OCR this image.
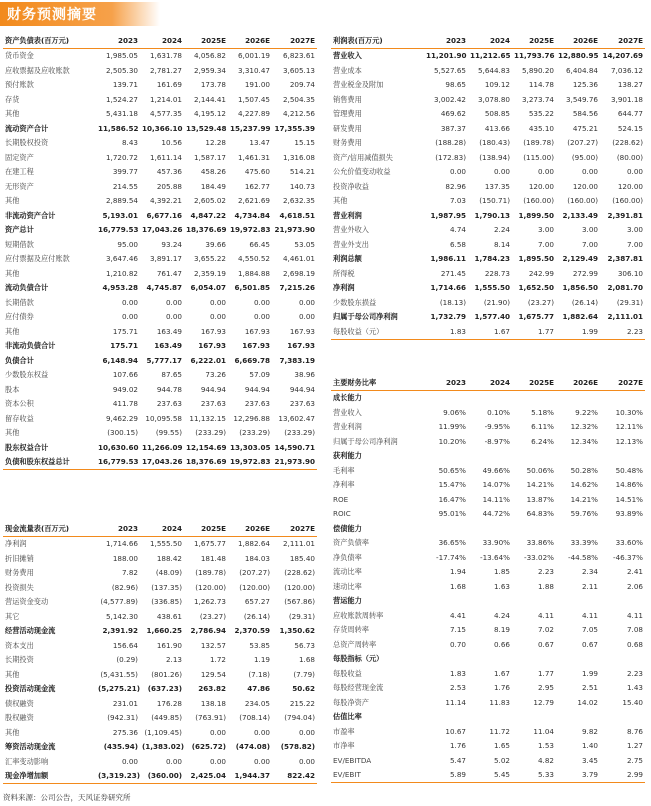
财务预测摘要
资产负债表(百万元)	2023	2024	2025E	2026E	2027E
货币资金	1,985.05	1,631.78	4,056.82	6,001.19	6,823.61
应收票据及应收账款	2,505.30	2,781.27	2,959.34	3,310.47	3,605.13
预付账款	139.71	161.69	173.78	191.00	209.74
存货	1,524.27	1,214.01	2,144.41	1,507.45	2,504.35
其他	5,431.18	4,577.35	4,195.12	4,227.89	4,212.56
流动资产合计	11,586.52	10,366.10	13,529.48	15,237.99	17,355.39
长期股权投资	8.43	10.56	12.28	13.47	15.15
固定资产	1,720.72	1,611.14	1,587.17	1,461.31	1,316.08
在建工程	399.77	457.36	458.26	475.60	514.21
无形资产	214.55	205.88	184.49	162.77	140.73
其他	2,889.54	4,392.21	2,605.02	2,621.69	2,632.35
非流动资产合计	5,193.01	6,677.16	4,847.22	4,734.84	4,618.51
资产总计	16,779.53	17,043.26	18,376.69	19,972.83	21,973.90
短期借款	95.00	93.24	39.66	66.45	53.05
应付票据及应付账款	3,647.46	3,891.17	3,655.22	4,550.52	4,461.01
其他	1,210.82	761.47	2,359.19	1,884.88	2,698.19
流动负债合计	4,953.28	4,745.87	6,054.07	6,501.85	7,215.26
长期借款	0.00	0.00	0.00	0.00	0.00
应付债券	0.00	0.00	0.00	0.00	0.00
其他	175.71	163.49	167.93	167.93	167.93
非流动负债合计	175.71	163.49	167.93	167.93	167.93
负债合计	6,148.94	5,777.17	6,222.01	6,669.78	7,383.19
少数股东权益	107.66	87.65	73.26	57.09	38.96
股本	949.02	944.78	944.94	944.94	944.94
资本公积	411.78	237.63	237.63	237.63	237.63
留存收益	9,462.29	10,095.58	11,132.15	12,296.88	13,602.47
其他	(300.15)	(99.55)	(233.29)	(233.29)	(233.29)
股东权益合计	10,630.60	11,266.09	12,154.69	13,303.05	14,590.71
负债和股东权益总计	16,779.53	17,043.26	18,376.69	19,972.83	21,973.90
利润表(百万元)	2023	2024	2025E	2026E	2027E
营业收入	11,201.90	11,212.65	11,793.76	12,880.95	14,207.69
营业成本	5,527.65	5,644.83	5,890.20	6,404.84	7,036.12
营业税金及附加	98.65	109.12	114.78	125.36	138.27
销售费用	3,002.42	3,078.80	3,273.74	3,549.76	3,901.18
管理费用	469.62	508.85	535.22	584.56	644.77
研发费用	387.37	413.66	435.10	475.21	524.15
财务费用	(188.28)	(180.43)	(189.78)	(207.27)	(228.62)
资产/信用减值损失	(172.83)	(138.94)	(115.00)	(95.00)	(80.00)
公允价值变动收益	0.00	0.00	0.00	0.00	0.00
投资净收益	82.96	137.35	120.00	120.00	120.00
其他	7.03	(150.71)	(160.00)	(160.00)	(160.00)
营业利润	1,987.95	1,790.13	1,899.50	2,133.49	2,391.81
营业外收入	4.74	2.24	3.00	3.00	3.00
营业外支出	6.58	8.14	7.00	7.00	7.00
利润总额	1,986.11	1,784.23	1,895.50	2,129.49	2,387.81
所得税	271.45	228.73	242.99	272.99	306.10
净利润	1,714.66	1,555.50	1,652.50	1,856.50	2,081.70
少数股东损益	(18.13)	(21.90)	(23.27)	(26.14)	(29.31)
归属于母公司净利润	1,732.79	1,577.40	1,675.77	1,882.64	2,111.01
每股收益（元）	1.83	1.67	1.77	1.99	2.23
主要财务比率	2023	2024	2025E	2026E	2027E
成长能力					
营业收入	9.06%	0.10%	5.18%	9.22%	10.30%
营业利润	11.99%	-9.95%	6.11%	12.32%	12.11%
归属于母公司净利润	10.20%	-8.97%	6.24%	12.34%	12.13%
获利能力					
毛利率	50.65%	49.66%	50.06%	50.28%	50.48%
净利率	15.47%	14.07%	14.21%	14.62%	14.86%
ROE	16.47%	14.11%	13.87%	14.21%	14.51%
ROIC	95.01%	44.72%	64.83%	59.76%	93.89%
偿债能力					
资产负债率	36.65%	33.90%	33.86%	33.39%	33.60%
净负债率	-17.74%	-13.64%	-33.02%	-44.58%	-46.37%
流动比率	1.94	1.85	2.23	2.34	2.41
速动比率	1.68	1.63	1.88	2.11	2.06
营运能力					
应收账款周转率	4.41	4.24	4.11	4.11	4.11
存货周转率	7.15	8.19	7.02	7.05	7.08
总资产周转率	0.70	0.66	0.67	0.67	0.68
每股指标（元）					
每股收益	1.83	1.67	1.77	1.99	2.23
每股经营现金流	2.53	1.76	2.95	2.51	1.43
每股净资产	11.14	11.83	12.79	14.02	15.40
估值比率					
市盈率	10.67	11.72	11.04	9.82	8.76
市净率	1.76	1.65	1.53	1.40	1.27
EV/EBITDA	5.47	5.02	4.82	3.45	2.75
EV/EBIT	5.89	5.45	5.33	3.79	2.99
现金流量表(百万元)	2023	2024	2025E	2026E	2027E
净利润	1,714.66	1,555.50	1,675.77	1,882.64	2,111.01
折旧摊销	188.00	188.42	181.48	184.03	185.40
财务费用	7.82	(48.09)	(189.78)	(207.27)	(228.62)
投资损失	(82.96)	(137.35)	(120.00)	(120.00)	(120.00)
营运资金变动	(4,577.89)	(336.85)	1,262.73	657.27	(567.86)
其它	5,142.30	438.61	(23.27)	(26.14)	(29.31)
经营活动现金流	2,391.92	1,660.25	2,786.94	2,370.59	1,350.62
资本支出	156.64	161.90	132.57	53.85	56.73
长期投资	(0.29)	2.13	1.72	1.19	1.68
其他	(5,431.55)	(801.26)	129.54	(7.18)	(7.79)
投资活动现金流	(5,275.21)	(637.23)	263.82	47.86	50.62
债权融资	231.01	176.28	138.18	234.05	215.22
股权融资	(942.31)	(449.85)	(763.91)	(708.14)	(794.04)
其他	275.36	(1,109.45)	0.00	0.00	0.00
筹资活动现金流	(435.94)	(1,383.02)	(625.72)	(474.08)	(578.82)
汇率变动影响	0.00	0.00	0.00	0.00	0.00
现金净增加额	(3,319.23)	(360.00)	2,425.04	1,944.37	822.42
资料来源：公司公告，天风证券研究所
